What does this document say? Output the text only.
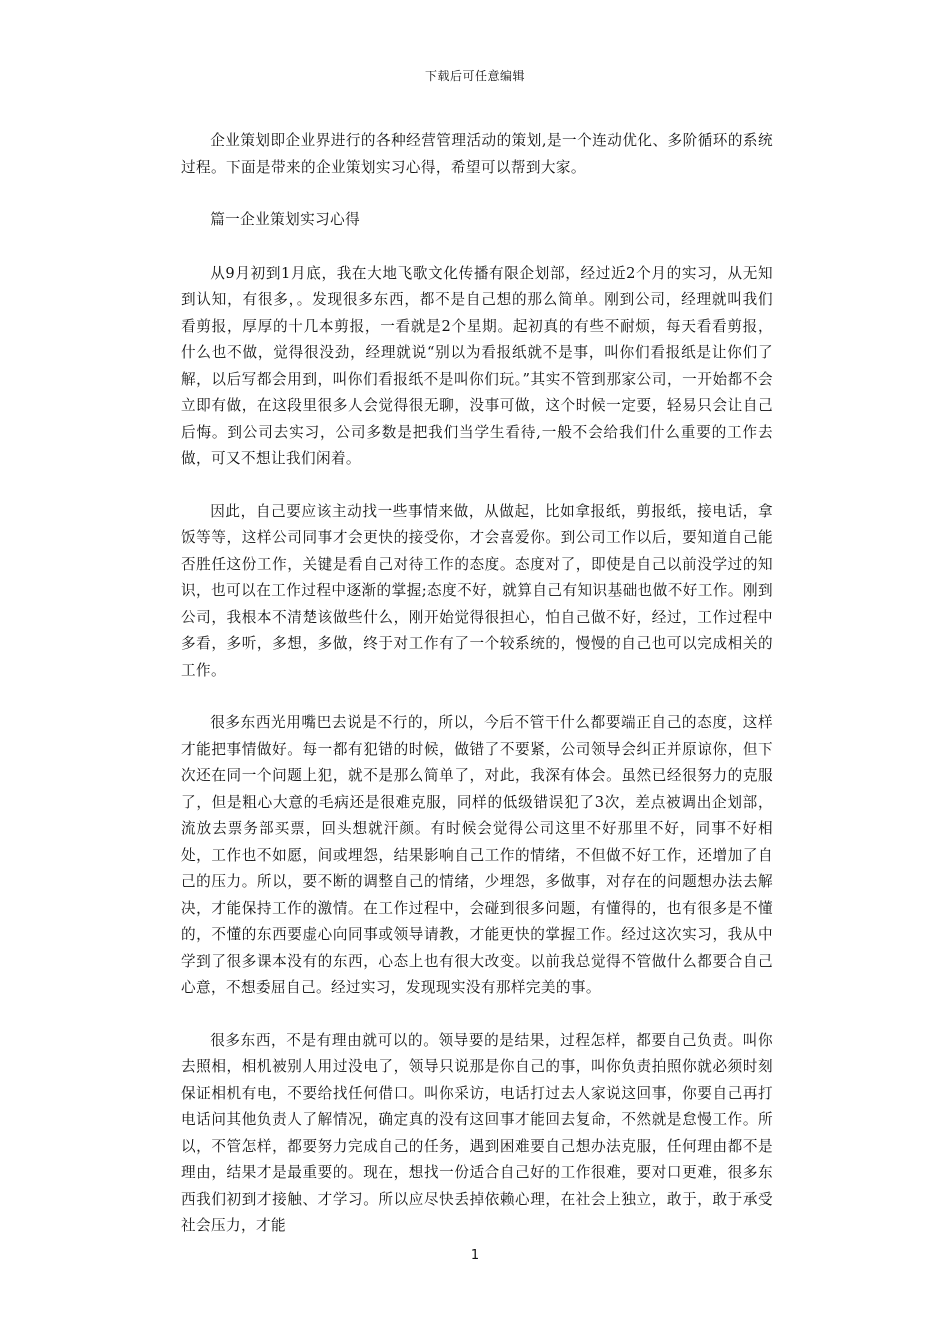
下载后可任意编辑

企业策划即企业界进行的各种经营管理活动的策划,是一个连动优化、多阶循环的系统过程。下面是带来的企业策划实习心得，希望可以帮到大家。

篇一企业策划实习心得

从9月初到1月底，我在大地飞歌文化传播有限企划部，经过近2个月的实习，从无知到认知，有很多，。发现很多东西，都不是自己想的那么简单。刚到公司，经理就叫我们看剪报，厚厚的十几本剪报，一看就是2个星期。起初真的有些不耐烦，每天看看剪报，什么也不做，觉得很没劲，经理就说“别以为看报纸就不是事，叫你们看报纸是让你们了解，以后写都会用到，叫你们看报纸不是叫你们玩。”其实不管到那家公司，一开始都不会立即有做，在这段里很多人会觉得很无聊，没事可做，这个时候一定要，轻易只会让自己后悔。到公司去实习，公司多数是把我们当学生看待,一般不会给我们什么重要的工作去做，可又不想让我们闲着。

因此，自己要应该主动找一些事情来做，从做起，比如拿报纸，剪报纸，接电话，拿饭等等，这样公司同事才会更快的接受你，才会喜爱你。到公司工作以后，要知道自己能否胜任这份工作，关键是看自己对待工作的态度。态度对了，即使是自己以前没学过的知识，也可以在工作过程中逐渐的掌握;态度不好，就算自己有知识基础也做不好工作。刚到公司，我根本不清楚该做些什么，刚开始觉得很担心，怕自己做不好，经过，工作过程中多看，多听，多想，多做，终于对工作有了一个较系统的，慢慢的自己也可以完成相关的工作。

很多东西光用嘴巴去说是不行的，所以，今后不管干什么都要端正自己的态度，这样才能把事情做好。每一都有犯错的时候，做错了不要紧，公司领导会纠正并原谅你，但下次还在同一个问题上犯，就不是那么简单了，对此，我深有体会。虽然已经很努力的克服了，但是粗心大意的毛病还是很难克服，同样的低级错误犯了3次，差点被调出企划部，流放去票务部买票，回头想就汗颜。有时候会觉得公司这里不好那里不好，同事不好相处，工作也不如愿，间或埋怨，结果影响自己工作的情绪，不但做不好工作，还增加了自己的压力。所以，要不断的调整自己的情绪，少埋怨，多做事，对存在的问题想办法去解决，才能保持工作的激情。在工作过程中，会碰到很多问题，有懂得的，也有很多是不懂的，不懂的东西要虚心向同事或领导请教，才能更快的掌握工作。经过这次实习，我从中学到了很多课本没有的东西，心态上也有很大改变。以前我总觉得不管做什么都要合自己心意，不想委屈自己。经过实习，发现现实没有那样完美的事。

很多东西，不是有理由就可以的。领导要的是结果，过程怎样，都要自己负责。叫你去照相，相机被别人用过没电了，领导只说那是你自己的事，叫你负责拍照你就必须时刻保证相机有电，不要给找任何借口。叫你采访，电话打过去人家说这回事，你要自己再打电话问其他负责人了解情况，确定真的没有这回事才能回去复命，不然就是怠慢工作。所以，不管怎样，都要努力完成自己的任务，遇到困难要自己想办法克服，任何理由都不是理由，结果才是最重要的。现在，想找一份适合自己好的工作很难，要对口更难，很多东西我们初到才接触、才学习。所以应尽快丢掉依赖心理，在社会上独立，敢于，敢于承受社会压力，才能

1
